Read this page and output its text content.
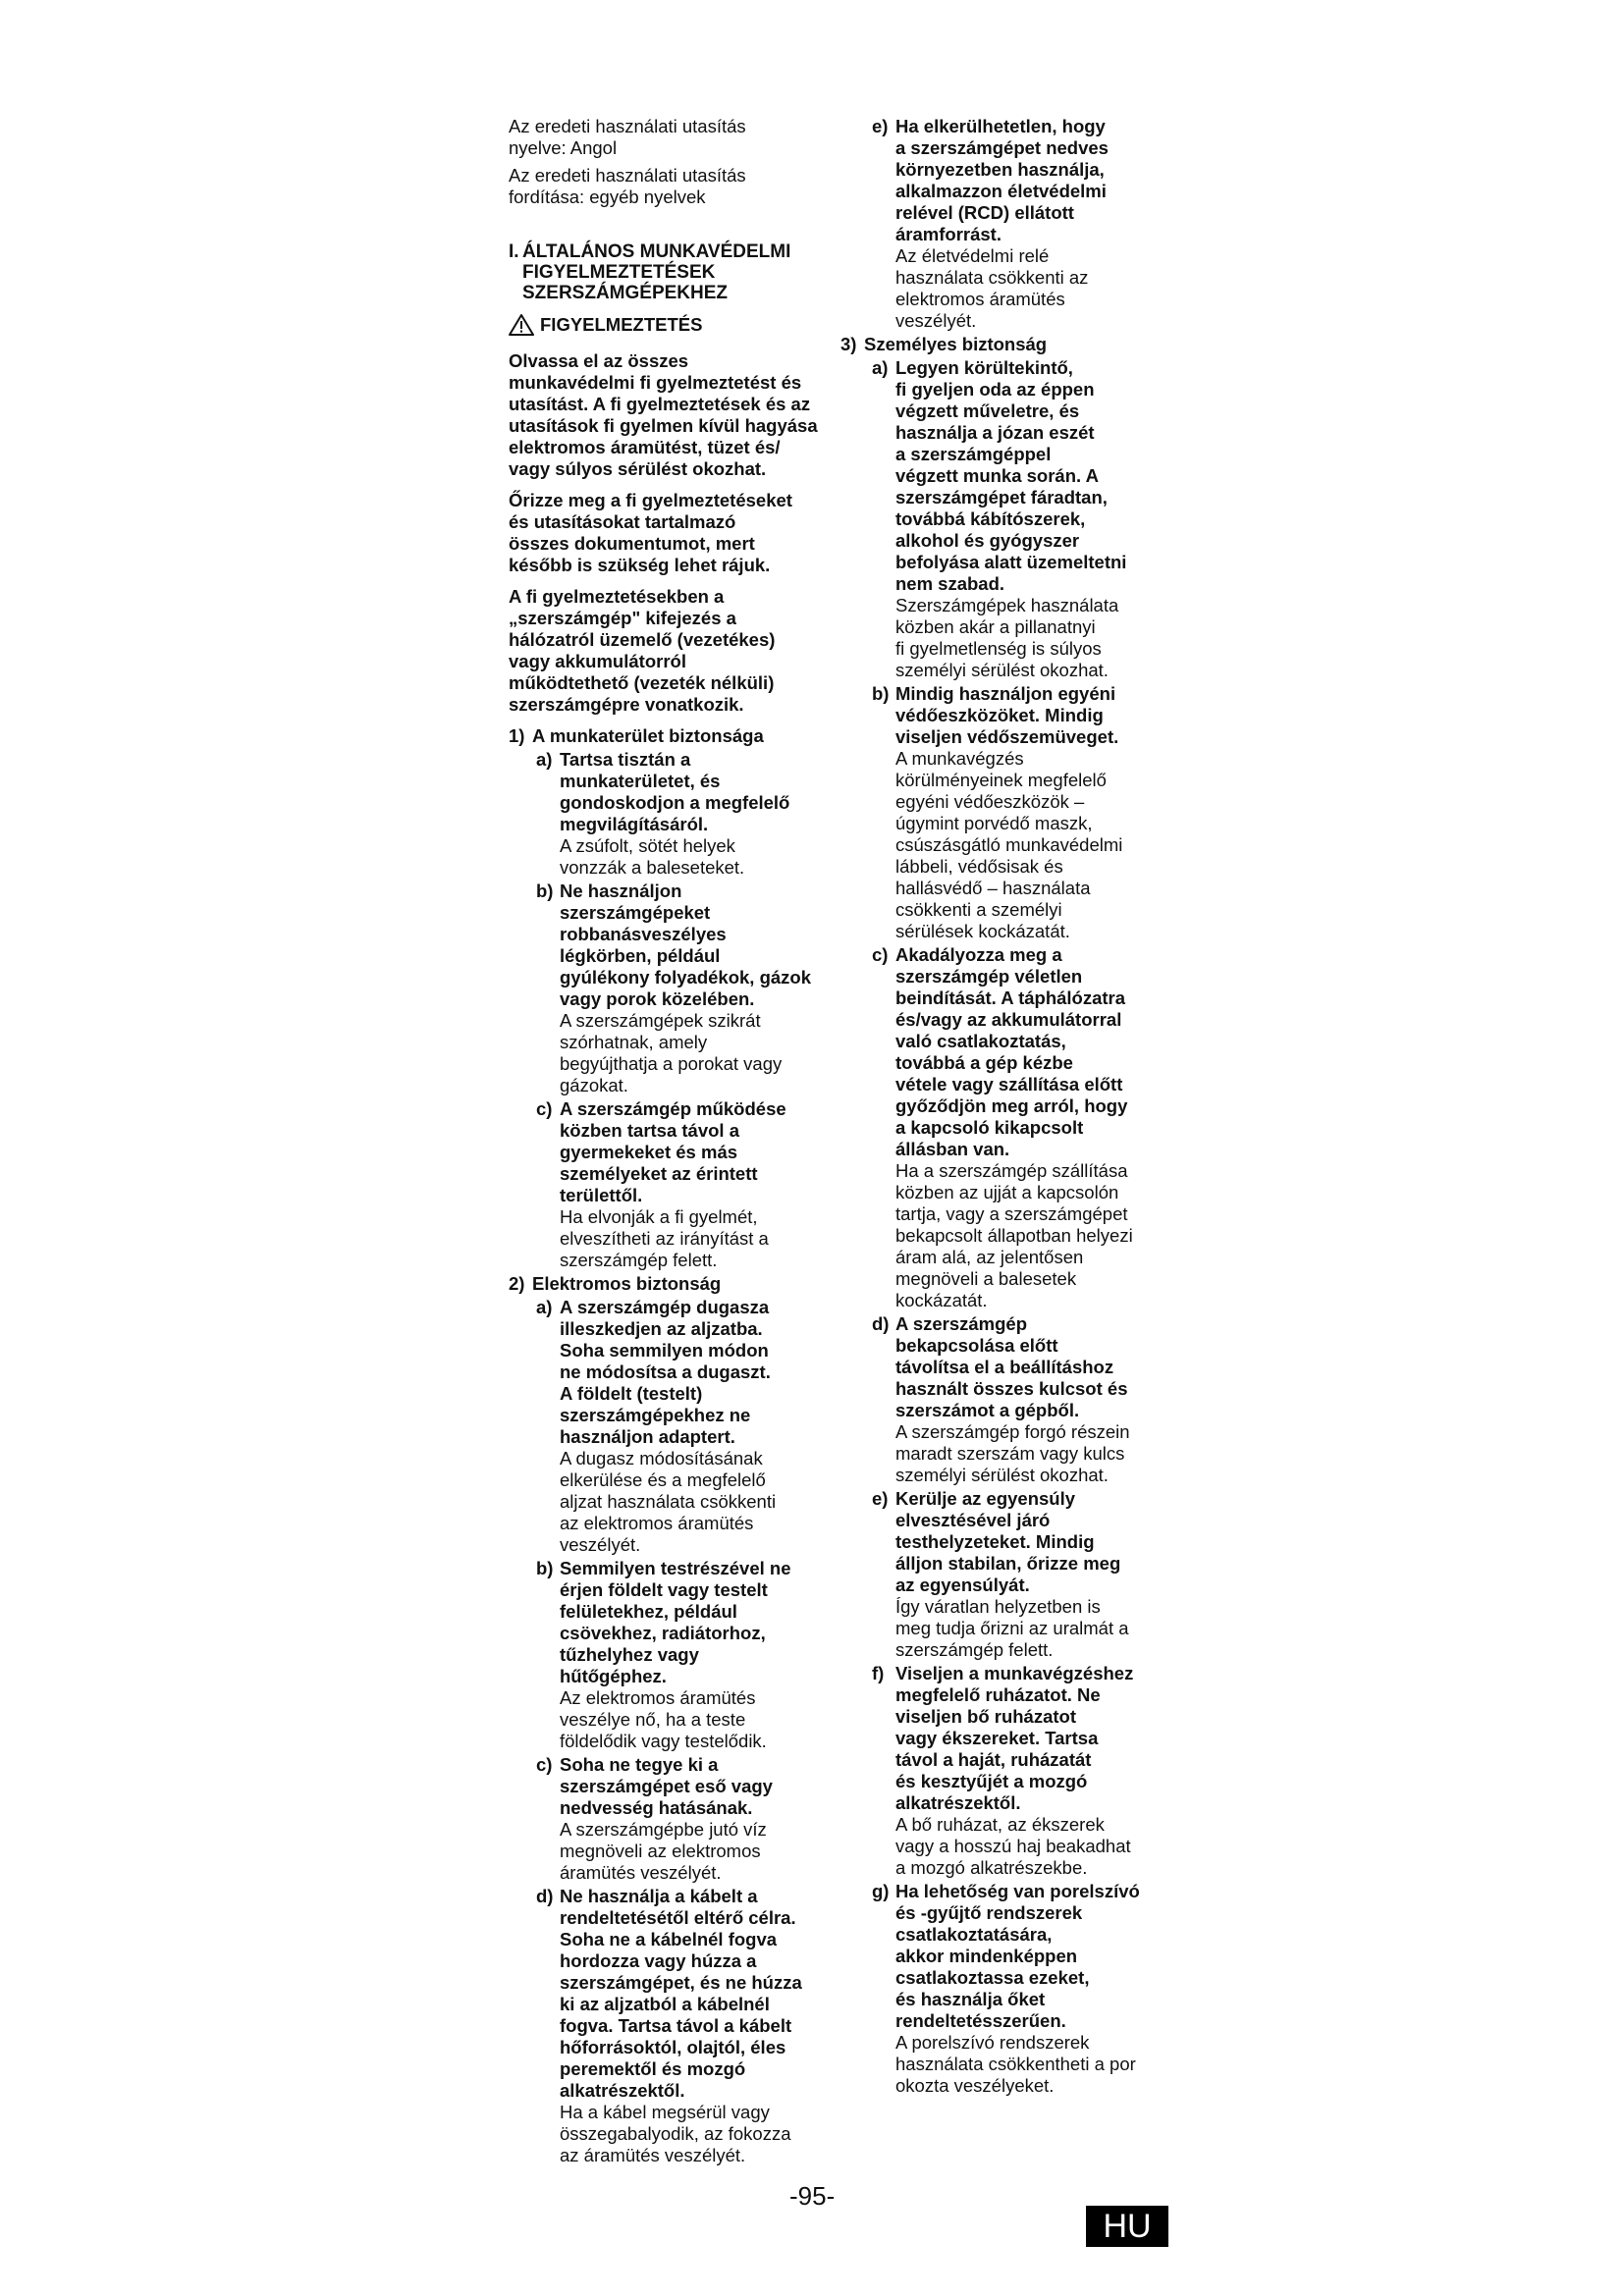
Az eredeti használati utasítás
nyelve: Angol

Az eredeti használati utasítás
fordítása: egyéb nyelvek

I. ÁLTALÁNOS MUNKAVÉDELMI
FIGYELMEZTETÉSEK
SZERSZÁMGÉPEKHEZ
FIGYELMEZTETÉS
Olvassa el az összes
munkavédelmi fi gyelmeztetést és
utasítást. A fi gyelmeztetések és az
utasítások fi gyelmen kívül hagyása
elektromos áramütést, tüzet és/
vagy súlyos sérülést okozhat.
Őrizze meg a fi gyelmeztetéseket
és utasításokat tartalmazó
összes dokumentumot, mert
később is szükség lehet rájuk.
A fi gyelmeztetésekben a
„szerszámgép" kifejezés a
hálózatról üzemelő (vezetékes)
vagy akkumulátorról
működtethető (vezeték nélküli)
szerszámgépre vonatkozik.
1) A munkaterület biztonsága
a) Tartsa tisztán a
munkaterületet, és
gondoskodjon a megfelelő
megvilágításáról.
A zsúfolt, sötét helyek
vonzzák a baleseteket.
b) Ne használjon
szerszámgépeket
robbanásveszélyes
légkörben, például
gyúlékony folyadékok, gázok
vagy porok közelében.
A szerszámgépek szikrát
szórhatnak, amely
begyújthatja a porokat vagy
gázokat.
c) A szerszámgép működése
közben tartsa távol a
gyermekeket és más
személyeket az érintett
területtől.
Ha elvonják a fi gyelmét,
elveszítheti az irányítást a
szerszámgép felett.
2) Elektromos biztonság
a) A szerszámgép dugasza
illeszkedjen az aljzatba.
Soha semmilyen módon
ne módosítsa a dugaszt.
A földelt (testelt)
szerszámgépekhez ne
használjon adaptert.
A dugasz módosításának
elkerülése és a megfelelő
aljzat használata csökkenti
az elektromos áramütés
veszélyét.
b) Semmilyen testrészével ne
érjen földelt vagy testelt
felületekhez, például
csövekhez, radiátorhoz,
tűzhelyhez vagy
hűtőgéphez.
Az elektromos áramütés
veszélye nő, ha a teste
földelődik vagy testelődik.
c) Soha ne tegye ki a
szerszámgépet eső vagy
nedvesség hatásának.
A szerszámgépbe jutó víz
megnöveli az elektromos
áramütés veszélyét.
d) Ne használja a kábelt a
rendeltetésétől eltérő célra.
Soha ne a kábelnél fogva
hordozza vagy húzza a
szerszámgépet, és ne húzza
ki az aljzatból a kábelnél
fogva. Tartsa távol a kábelt
hőforrásoktól, olajtól, éles
peremektől és mozgó
alkatrészektől.
Ha a kábel megsérül vagy
összegabalyodik, az fokozza
az áramütés veszélyét.
e) Ha elkerülhetetlen, hogy
a szerszámgépet nedves
környezetben használja,
alkalmazzon életvédelmi
relével (RCD) ellátott
áramforrást.
Az életvédelmi relé
használata csökkenti az
elektromos áramütés
veszélyét.
3) Személyes biztonság
a) Legyen körültekintő,
fi gyeljen oda az éppen
végzett műveletre, és
használja a józan eszét
a szerszámgéppel
végzett munka során. A
szerszámgépet fáradtan,
továbbá kábítószerek,
alkohol és gyógyszer
befolyása alatt üzemeltetni
nem szabad.
Szerszámgépek használata
közben akár a pillanatnyi
fi gyelmetlenség is súlyos
személyi sérülést okozhat.
b) Mindig használjon egyéni
védőeszközöket. Mindig
viseljen védőszemüveget.
A munkavégzés
körülményeinek megfelelő
egyéni védőeszközök –
úgymint porvédő maszk,
csúszásgátló munkavédelmi
lábbeli, védősisak és
hallásvédő – használata
csökkenti a személyi
sérülések kockázatát.
c) Akadályozza meg a
szerszámgép véletlen
beindítását. A táphálózatra
és/vagy az akkumulátorral
való csatlakoztatás,
továbbá a gép kézbe
vétele vagy szállítása előtt
győződjön meg arról, hogy
a kapcsoló kikapcsolt
állásban van.
Ha a szerszámgép szállítása
közben az ujját a kapcsolón
tartja, vagy a szerszámgépet
bekapcsolt állapotban helyezi
áram alá, az jelentősen
megnöveli a balesetek
kockázatát.
d) A szerszámgép
bekapcsolása előtt
távolítsa el a beállításhoz
használt összes kulcsot és
szerszámot a gépből.
A szerszámgép forgó részein
maradt szerszám vagy kulcs
személyi sérülést okozhat.
e) Kerülje az egyensúly
elvesztésével járó
testhelyzeteket. Mindig
álljon stabilan, őrizze meg
az egyensúlyát.
Így váratlan helyzetben is
meg tudja őrizni az uralmát a
szerszámgép felett.
f) Viseljen a munkavégzéshez
megfelelő ruházatot. Ne
viseljen bő ruházatot
vagy ékszereket. Tartsa
távol a haját, ruházatát
és kesztyűjét a mozgó
alkatrészektől.
A bő ruházat, az ékszerek
vagy a hosszú haj beakadhat
a mozgó alkatrészekbe.
g) Ha lehetőség van porelszívó
és -gyűjtő rendszerek
csatlakoztatására,
akkor mindenképpen
csatlakoztassa ezeket,
és használja őket
rendeltetésszerűen.
A porelszívó rendszerek
használata csökkentheti a por
okozta veszélyeket.
-95-
HU
